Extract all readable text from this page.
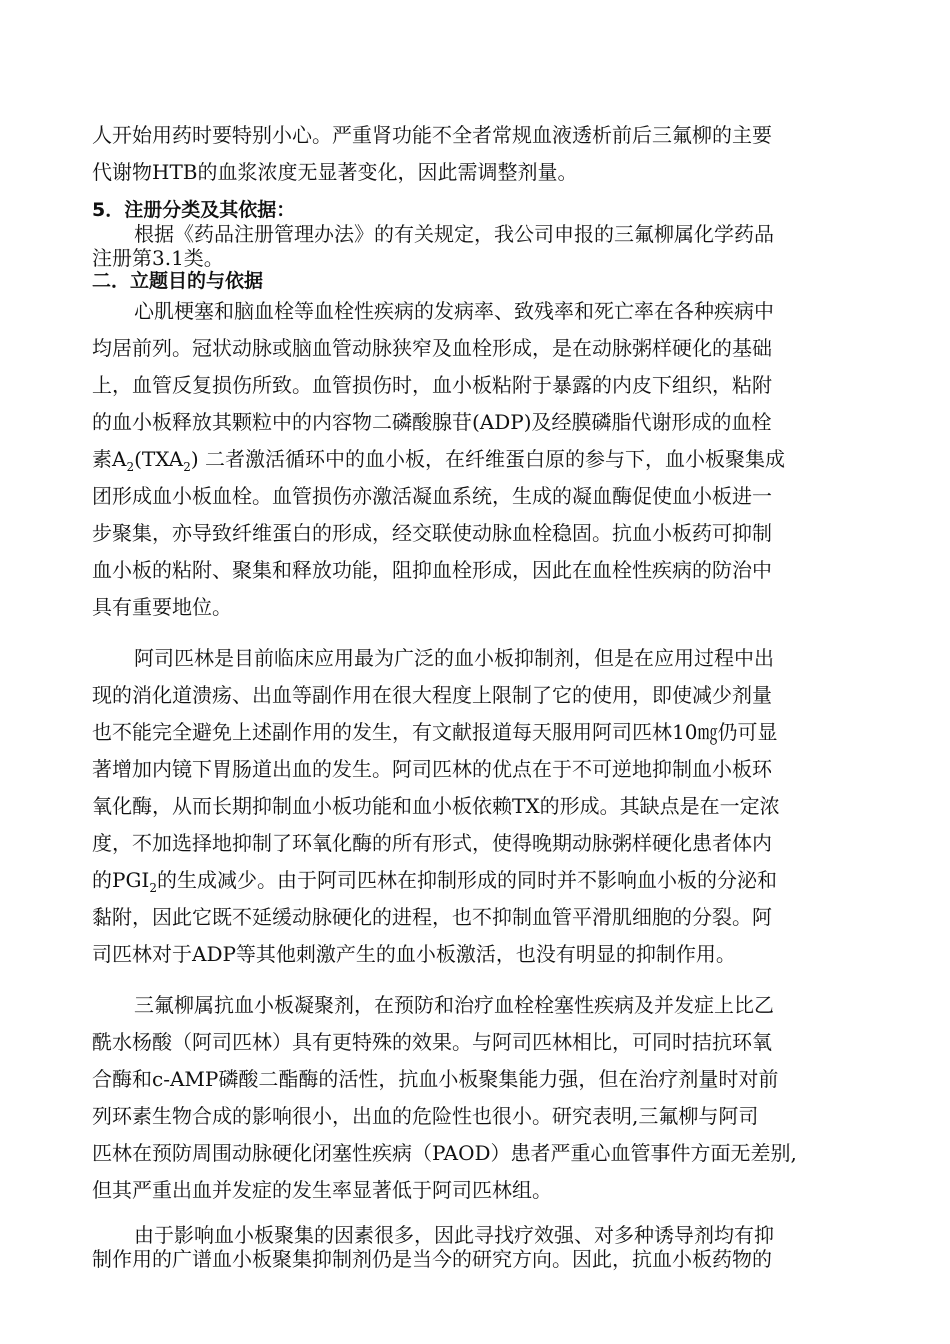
人开始用药时要特别小心。严重肾功能不全者常规血液透析前后三氟柳的主要
代谢物HTB的血浆浓度无显著变化，因此需调整剂量。
5．注册分类及其依据：
根据《药品注册管理办法》的有关规定，我公司申报的三氟柳属化学药品
注册第3.1类。
二．立题目的与依据
心肌梗塞和脑血栓等血栓性疾病的发病率、致残率和死亡率在各种疾病中
均居前列。冠状动脉或脑血管动脉狭窄及血栓形成，是在动脉粥样硬化的基础
上，血管反复损伤所致。血管损伤时，血小板粘附于暴露的内皮下组织，粘附
的血小板释放其颗粒中的内容物二磷酸腺苷(ADP)及经膜磷脂代谢形成的血栓
素$A_2(TXA_2)$ 二者激活循环中的血小板，在纤维蛋白原的参与下，血小板聚集成
团形成血小板血栓。血管损伤亦激活凝血系统，生成的凝血酶促使血小板进一
步聚集，亦导致纤维蛋白的形成，经交联使动脉血栓稳固。抗血小板药可抑制
血小板的粘附、聚集和释放功能，阻抑血栓形成，因此在血栓性疾病的防治中
具有重要地位。
阿司匹林是目前临床应用最为广泛的血小板抑制剂，但是在应用过程中出
现的消化道溃疡、出血等副作用在很大程度上限制了它的使用，即使减少剂量
也不能完全避免上述副作用的发生，有文献报道每天服用阿司匹林10㎎仍可显
著增加内镜下胃肠道出血的发生。阿司匹林的优点在于不可逆地抑制血小板环
氧化酶，从而长期抑制血小板功能和血小板依赖TX的形成。其缺点是在一定浓
度，不加选择地抑制了环氧化酶的所有形式，使得晚期动脉粥样硬化患者体内
的$PGI_2$的生成减少。由于阿司匹林在抑制形成的同时并不影响血小板的分泌和
黏附，因此它既不延缓动脉硬化的进程，也不抑制血管平滑肌细胞的分裂。阿
司匹林对于ADP等其他刺激产生的血小板激活，也没有明显的抑制作用。
三氟柳属抗血小板凝聚剂，在预防和治疗血栓栓塞性疾病及并发症上比乙
酰水杨酸（阿司匹林）具有更特殊的效果。与阿司匹林相比，可同时拮抗环氧
合酶和c-AMP磷酸二酯酶的活性，抗血小板聚集能力强，但在治疗剂量时对前
列环素生物合成的影响很小，出血的危险性也很小。研究表明,三氟柳与阿司
匹林在预防周围动脉硬化闭塞性疾病（PAOD）患者严重心血管事件方面无差别,
但其严重出血并发症的发生率显著低于阿司匹林组。
由于影响血小板聚集的因素很多，因此寻找疗效强、对多种诱导剂均有抑
制作用的广谱血小板聚集抑制剂仍是当今的研究方向。因此，抗血小板药物的
